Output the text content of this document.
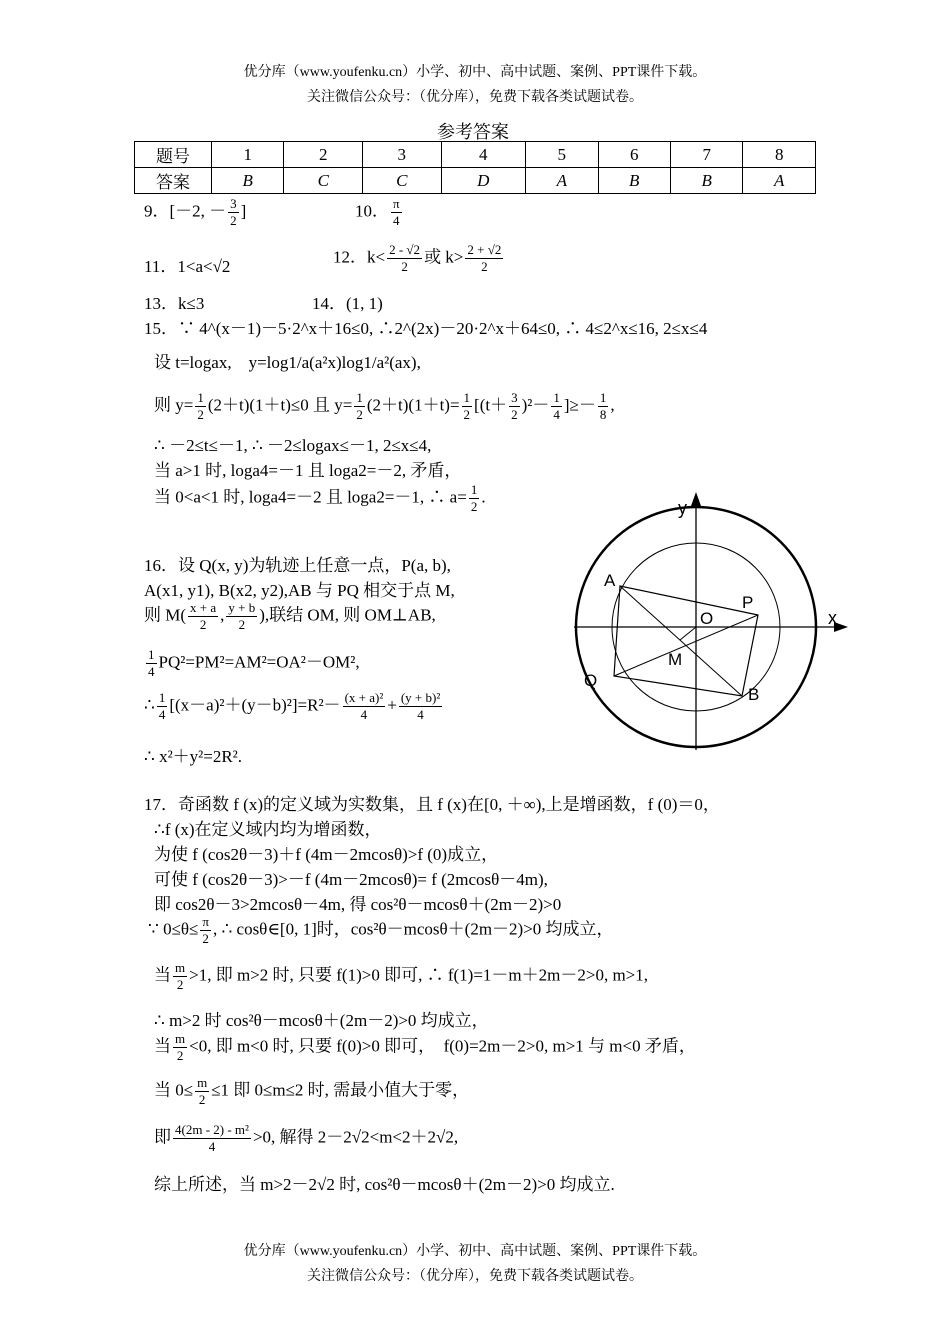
优分库（www.youfenku.cn）小学、初中、高中试题、案例、PPT课件下载。
关注微信公众号：（优分库），免费下载各类试题试卷。
参考答案
题号	1	2	3	4	5	6	7	8
答案	B	C	C	D	A	B	B	A
9．[－2, － $\frac{3}{2}$ ]	10． $\frac{\pi}{4}$
11．1<a<√2
12．$k< \frac{2 - √2}{2}$ 或 $k> \frac{2 + √2}{2}$
13．k≤3	14．(1, 1)
15．∵ 4^(x－1)－5·2^x＋16≤0, ∴2^(2x)－20·2^x＋64≤0, ∴ 4≤2^x≤16, 2≤x≤4
设 t=logax,　y=log1/a(a²x)log1/a²(ax),
则 $y= \frac{1}{2} (2+t)(1+t)\le 0$ 且 $y= \frac{1}{2} (2+t)(1+t)= \frac{1}{2} [(t+ \frac{3}{2} )^2- \frac{1}{4}$ ]≥－ $\frac{1}{8}$ ,
∴ －2≤t≤－1, ∴ －2≤logax≤－1, 2≤x≤4,
当 a>1 时, loga4=－1 且 loga2=－2, 矛盾，
当 0<a<1 时, loga4=－2 且 loga2=－1, ∴ $a= \frac{1}{2}$ .
16．设 Q(x, y)为轨迹上任意一点，P(a, b),
A(x1, y1), B(x2, y2),AB 与 PQ 相交于点 M,
则 $M( \frac{x + a}{2}$ , $\frac{y + b}{2}$ ),联结 OM, 则 OM⊥AB,
$\frac{1}{4} PQ^2=PM^2=AM^2=OA^2-OM^2$,
∴ $\frac{1}{4} [(x-a)^2+(y-b)^2]=R^2- \frac{\text{(x + a)²}}{4} + \frac{\text{(y + b)²}}{4}$
∴ x²＋y²=2R².
y
x
A
P
O
M
Q
B
17．奇函数 f (x)的定义域为实数集，且 f (x)在[0, ＋∞),上是增函数，f (0)＝0，
∴f (x)在定义域内均为增函数，
为使 f (cos2θ－3)＋f (4m－2mcosθ)>f (0)成立，
可使 f (cos2θ－3)>－f (4m－2mcosθ)= f (2mcosθ－4m),
即 cos2θ－3>2mcosθ－4m, 得 cos²θ－mcosθ＋(2m－2)>0
∵ $0\le\theta\le \frac{\pi}{2}$ , ∴ cosθ∈[0, 1]时，cos²θ－mcosθ＋(2m－2)>0 均成立，
当 $\frac{m}{2} >1$, 即 m>2 时, 只要 f(1)>0 即可, ∴ f(1)=1－m＋2m－2>0, m>1,
∴ m>2 时 cos²θ－mcosθ＋(2m－2)>0 均成立，
当 $\frac{m}{2} <0$, 即 m<0 时, 只要 f(0)>0 即可，　f(0)=2m－2>0, m>1 与 m<0 矛盾，
当 $0\le \frac{m}{2} \le 1$ 即 0≤m≤2 时, 需最小值大于零，
即 $\frac{\text{4(2m - 2) - m²}}{4} >0$, 解得 2－2√2<m<2＋2√2,
综上所述，当 m>2－2√2 时, cos²θ－mcosθ＋(2m－2)>0 均成立.
优分库（www.youfenku.cn）小学、初中、高中试题、案例、PPT课件下载。
关注微信公众号：（优分库），免费下载各类试题试卷。
